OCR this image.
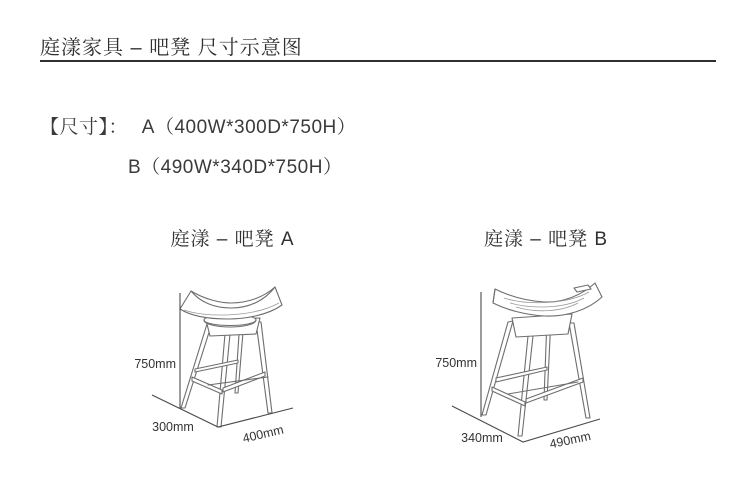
庭漾家具 – 吧凳 尺寸示意图
【尺寸】： A（400W*300D*750H）
B（490W*340D*750H）
庭漾 – 吧凳 A	庭漾 – 吧凳 B
750mm
300mm	400mm
750mm
340mm	490mm
